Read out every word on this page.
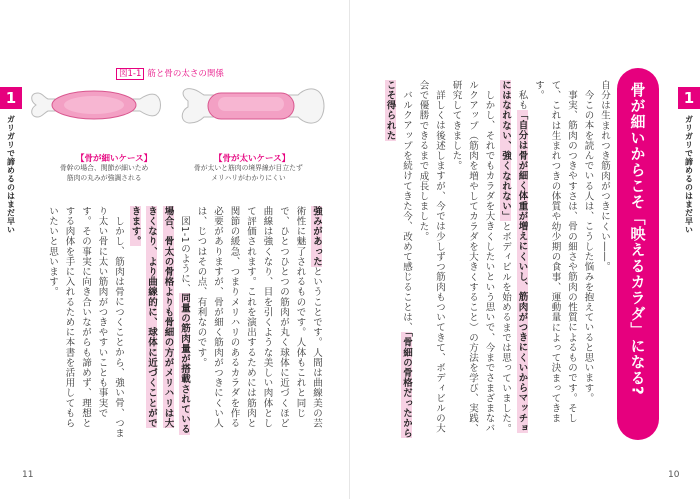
1
ガリガリで諦めるのはまだ早い
図1-1 筋と骨の太さの関係
【骨が細いケース】
骨幹の場合、関節が細いため
筋肉の丸みが強調される
【骨が太いケース】
骨が太いと筋肉の境界線が目立たず
メリハリがわかりにくい

強みがあったということです。人間は曲線美の芸術性に魅了されるものです。人体もこれと同じで、ひとつひとつの筋肉が丸く球体に近づくほど曲線は強くなり、目を引くような美しい肉体として評価されます。これを演出するためには筋肉と関節の緩急、つまりメリハリのあるカラダを作る必要がありますが、骨が細く筋肉がつきにくい人は、じつはその点、有利なのです。

図1-1のように、同量の筋肉量が搭載されている場合、骨太の骨格よりも骨細の方がメリハリは大きくなり、より曲線的に、球体に近づくことができます。

しかし、筋肉は骨につくことから、強い骨、つまり太い骨に太い筋肉がつきやすいことも事実です。その事実に向き合いながらも諦めず、理想とする肉体を手に入れるために本書を活用してもらいたいと思います。

11	10
1
ガリガリで諦めるのはまだ早い
骨が細いからこそ「映えるカラダ」になる?

自分は生まれつき筋肉がつきにくい――。

今この本を読んでいる人は、こうした悩みを抱えていると思います。

事実、筋肉のつきやすさは、骨の細さや筋肉の性質によるものです。そして、これは生まれつきの体質や幼少期の食事、運動量によって決まってきます。

私も「自分は骨が細く体重が増えにくいし、筋肉がつきにくいからマッチョにはなれない、強くなれない」とボディビルを始めるまでは思っていました。

しかし、それでもカラダを大きくしたいという思いで、今までさまざまなバルクアップ（筋肉を増やしてカラダを大きくすること）の方法を学び、実践、研究してきました。

詳しくは後述しますが、今では少しずつ筋肉もついてきて、ボディビルの大会で優勝できるまで成長しました。

バルクアップを続けてきた今、改めて感じることは、「骨細の骨格だったからこそ得られた
